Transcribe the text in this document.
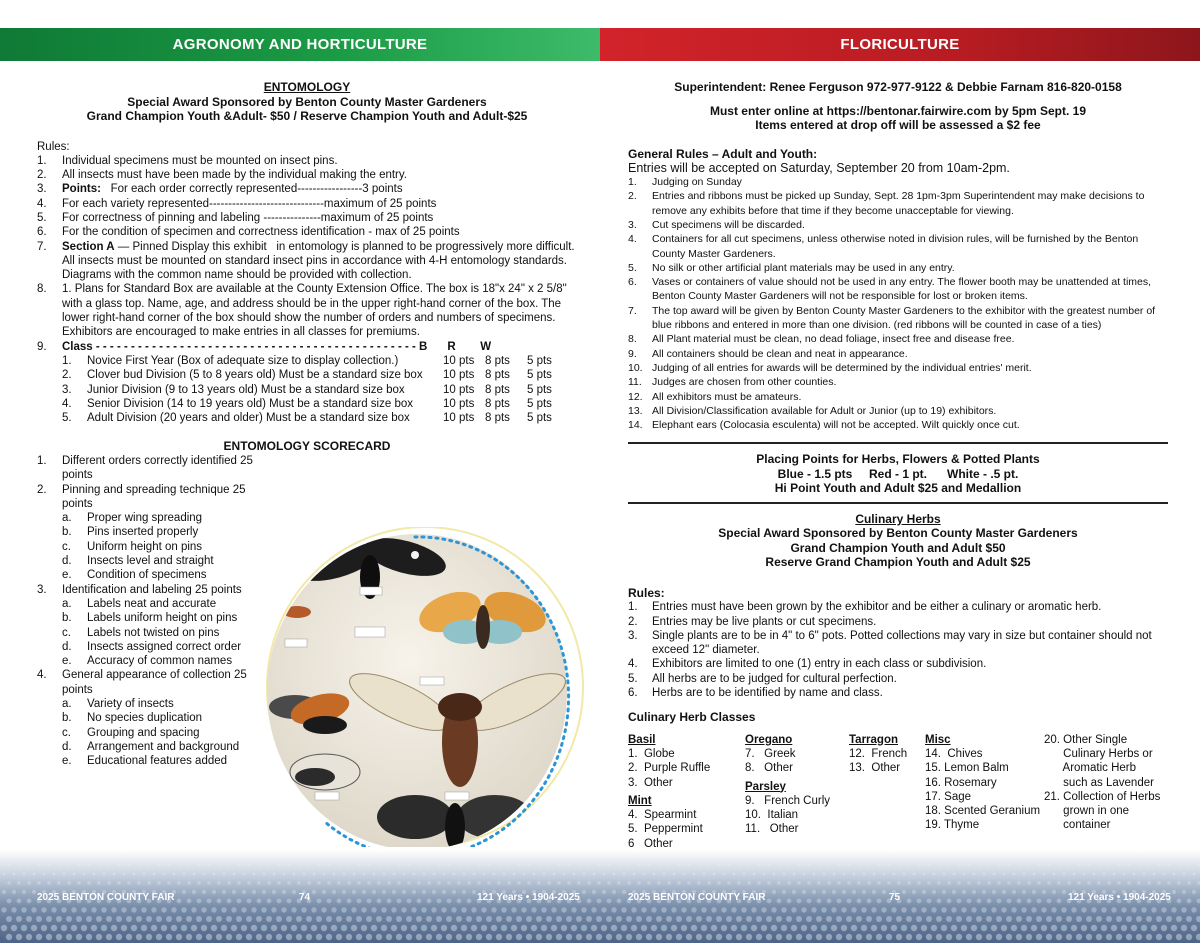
AGRONOMY AND HORTICULTURE	FLORICULTURE
ENTOMOLOGY
Special Award Sponsored by Benton County Master Gardeners
Grand Champion Youth &Adult- $50 / Reserve Champion Youth and Adult-$25
Rules:
1.	Individual specimens must be mounted on insect pins.
2.	All insects must have been made by the individual making the entry.
3.	Points:   For each order correctly represented-----------------3 points
4.	For each variety represented------------------------------maximum of 25 points
5.	For correctness of pinning and labeling ---------------maximum of 25 points
6.	For the condition of specimen and correctness identification - max of 25 points
7.	Section A — Pinned Display this exhibit   in entomology is planned to be progressively more difficult. All insects must be mounted on standard insect pins in accordance with 4-H entomology standards. Diagrams with the common name should be provided with collection.
8.	1. Plans for Standard Box are available at the County Extension Office. The box is 18"x 24" x 2 5/8" with a glass top. Name, age, and address should be in the upper right-hand corner of the box. The lower right-hand corner of the box should show the number of orders and numbers of specimens. Exhibitors are encouraged to make entries in all classes for premiums.
9.	Class - - - - - - - - - - - - - - - - - - - - - - - - - - - - - - - - - - - - - - - - - - - - - - B R W
1.	Novice First Year (Box of adequate size to display collection.)	10 pts 8 pts	5 pts
2.	Clover bud Division (5 to 8 years old) Must be a standard size box	10 pts 8 pts	5 pts
3.	Junior Division (9 to 13 years old) Must be a standard size box	10 pts 8 pts	5 pts
4.	Senior Division (14 to 19 years old) Must be a standard size box	10 pts 8 pts	5 pts
5.	Adult Division (20 years and older) Must be a standard size box	10 pts 8 pts	5 pts
ENTOMOLOGY SCORECARD
1.	Different orders correctly identified 25 points
2.	Pinning and spreading technique 25 points
a.	Proper wing spreading
b.	Pins inserted properly
c.	Uniform height on pins
d.	Insects level and straight
e.	Condition of specimens
3.	Identification and labeling 25 points
a.	Labels neat and accurate
b.	Labels uniform height on pins
c.	Labels not twisted on pins
d.	Insects assigned correct order
e.	Accuracy of common names
4.	General appearance of collection 25 points
a.	Variety of insects
b.	No species duplication
c.	Grouping and spacing
d.	Arrangement and background
e.	Educational features added
Superintendent: Renee Ferguson 972-977-9122 & Debbie Farnam 816-820-0158
Must enter online at https://bentonar.fairwire.com by 5pm Sept. 19
Items entered at drop off will be assessed a $2 fee
General Rules – Adult and Youth:
Entries will be accepted on Saturday, September 20 from 10am-2pm.
1.	Judging on Sunday
2.	Entries and ribbons must be picked up Sunday, Sept. 28 1pm-3pm Superintendent may make decisions to remove any exhibits before that time if they become unacceptable for viewing.
3.	Cut specimens will be discarded.
4.	Containers for all cut specimens, unless otherwise noted in division rules, will be furnished by the Benton County Master Gardeners.
5.	No silk or other artificial plant materials may be used in any entry.
6.	Vases or containers of value should not be used in any entry. The flower booth may be unattended at times, Benton County Master Gardeners will not be responsible for lost or broken items.
7.	The top award will be given by Benton County Master Gardeners to the exhibitor with the greatest number of blue ribbons and entered in more than one division. (red ribbons will be counted in case of a ties)
8.	All Plant material must be clean, no dead foliage, insect free and disease free.
9.	All containers should be clean and neat in appearance.
10. Judging of all entries for awards will be determined by the individual entries' merit.
11. Judges are chosen from other counties.
12. All exhibitors must be amateurs.
13. All Division/Classification available for Adult or Junior (up to 19) exhibitors.
14. Elephant ears (Colocasia esculenta) will not be accepted. Wilt quickly once cut.
Placing Points for Herbs, Flowers & Potted Plants
Blue - 1.5 pts     Red - 1 pt.      White - .5 pt.
Hi Point Youth and Adult $25 and Medallion
Culinary Herbs
Special Award Sponsored by Benton County Master Gardeners
Grand Champion Youth and Adult $50
Reserve Grand Champion Youth and Adult $25
Rules:
1.	Entries must have been grown by the exhibitor and be either a culinary or aromatic herb.
2.	Entries may be live plants or cut specimens.
3.	Single plants are to be in 4" to 6" pots. Potted collections may vary in size but container should not exceed 12" diameter.
4.	Exhibitors are limited to one (1) entry in each class or subdivision.
5.	All herbs are to be judged for cultural perfection.
6.	Herbs are to be identified by name and class.
Culinary Herb Classes
Basil
1.  Globe
2.  Purple Ruffle
3.  Other
Mint
4.  Spearmint
5.  Peppermint
6   Other
Oregano
7.   Greek
8.   Other
Parsley
9.   French Curly
10.  Italian
11.   Other
Tarragon
12.  French
13.  Other
Misc
14.  Chives
15. Lemon Balm
16. Rosemary
17. Sage
18. Scented Geranium
19. Thyme
20. Other Single
Culinary Herbs or
Aromatic Herb
such as Lavender
21. Collection of Herbs
grown in one
container
2025 BENTON COUNTY FAIR	74	121 Years • 1904-2025	2025 BENTON COUNTY FAIR	75	121 Years • 1904-2025
